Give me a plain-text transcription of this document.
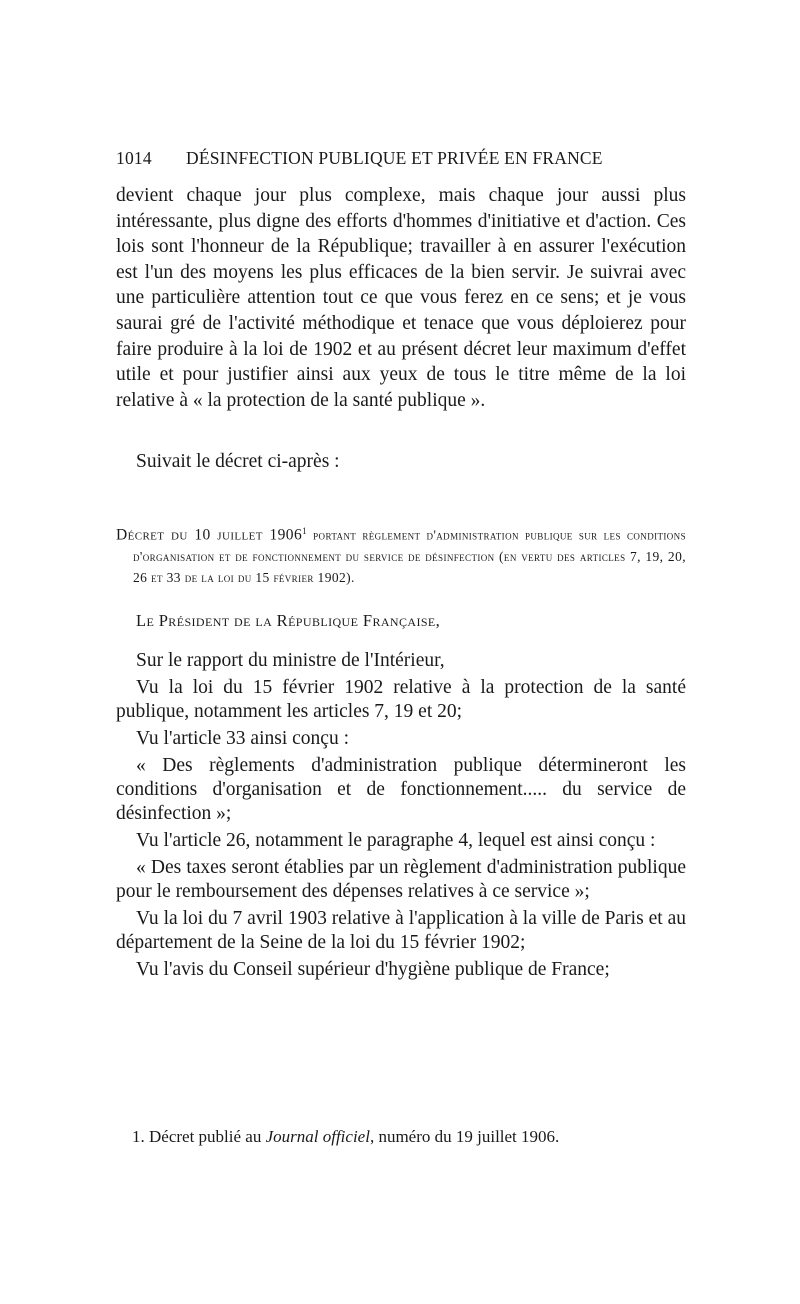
1014 DÉSINFECTION PUBLIQUE ET PRIVÉE EN FRANCE

devient chaque jour plus complexe, mais chaque jour aussi plus intéressante, plus digne des efforts d'hommes d'initiative et d'action. Ces lois sont l'honneur de la République; travailler à en assurer l'exécution est l'un des moyens les plus efficaces de la bien servir. Je suivrai avec une particulière attention tout ce que vous ferez en ce sens; et je vous saurai gré de l'activité méthodique et tenace que vous déploierez pour faire produire à la loi de 1902 et au présent décret leur maximum d'effet utile et pour justifier ainsi aux yeux de tous le titre même de la loi relative à « la protection de la santé publique ».

Suivait le décret ci-après :

Décret du 10 juillet 1906$^1$ portant règlement d'administration publique sur les conditions d'organisation et de fonctionnement du service de désinfection (en vertu des articles 7, 19, 20, 26 et 33 de la loi du 15 février 1902).

Le Président de la République Française,

Sur le rapport du ministre de l'Intérieur,

Vu la loi du 15 février 1902 relative à la protection de la santé publique, notamment les articles 7, 19 et 20;

Vu l'article 33 ainsi conçu :

« Des règlements d'administration publique détermineront les conditions d'organisation et de fonctionnement..... du service de désinfection »;

Vu l'article 26, notamment le paragraphe 4, lequel est ainsi conçu :

« Des taxes seront établies par un règlement d'administration publique pour le remboursement des dépenses relatives à ce service »;

Vu la loi du 7 avril 1903 relative à l'application à la ville de Paris et au département de la Seine de la loi du 15 février 1902;

Vu l'avis du Conseil supérieur d'hygiène publique de France;

1. Décret publié au Journal officiel, numéro du 19 juillet 1906.
